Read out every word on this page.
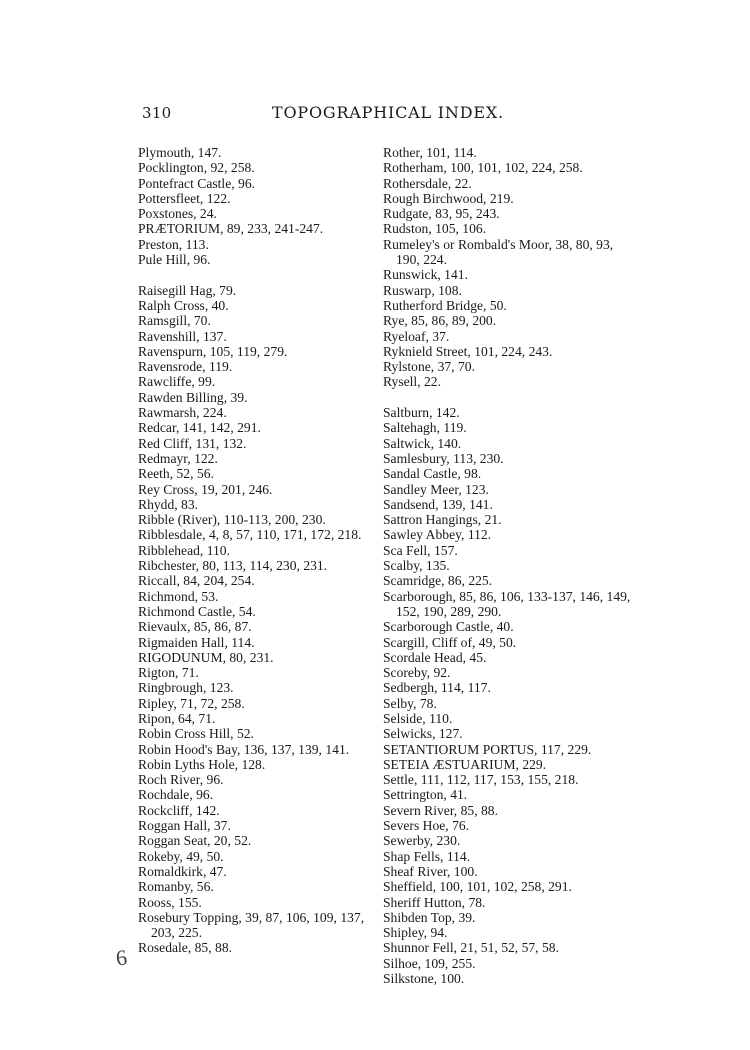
310	TOPOGRAPHICAL INDEX.
Plymouth, 147.
Pocklington, 92, 258.
Pontefract Castle, 96.
Pottersfleet, 122.
Poxstones, 24.
PRÆTORIUM, 89, 233, 241-247.
Preston, 113.
Pule Hill, 96.
Raisegill Hag, 79.
Ralph Cross, 40.
Ramsgill, 70.
Ravenshill, 137.
Ravenspurn, 105, 119, 279.
Ravensrode, 119.
Rawcliffe, 99.
Rawden Billing, 39.
Rawmarsh, 224.
Redcar, 141, 142, 291.
Red Cliff, 131, 132.
Redmayr, 122.
Reeth, 52, 56.
Rey Cross, 19, 201, 246.
Rhydd, 83.
Ribble (River), 110-113, 200, 230.
Ribblesdale, 4, 8, 57, 110, 171, 172, 218.
Ribblehead, 110.
Ribchester, 80, 113, 114, 230, 231.
Riccall, 84, 204, 254.
Richmond, 53.
Richmond Castle, 54.
Rievaulx, 85, 86, 87.
Rigmaiden Hall, 114.
RIGODUNUM, 80, 231.
Rigton, 71.
Ringbrough, 123.
Ripley, 71, 72, 258.
Ripon, 64, 71.
Robin Cross Hill, 52.
Robin Hood's Bay, 136, 137, 139, 141.
Robin Lyths Hole, 128.
Roch River, 96.
Rochdale, 96.
Rockcliff, 142.
Roggan Hall, 37.
Roggan Seat, 20, 52.
Rokeby, 49, 50.
Romaldkirk, 47.
Romanby, 56.
Rooss, 155.
Rosebury Topping, 39, 87, 106, 109, 137, 203, 225.
Rosedale, 85, 88.
Rother, 101, 114.
Rotherham, 100, 101, 102, 224, 258.
Rothersdale, 22.
Rough Birchwood, 219.
Rudgate, 83, 95, 243.
Rudston, 105, 106.
Rumeley's or Rombald's Moor, 38, 80, 93, 190, 224.
Runswick, 141.
Ruswarp, 108.
Rutherford Bridge, 50.
Rye, 85, 86, 89, 200.
Ryeloaf, 37.
Ryknield Street, 101, 224, 243.
Rylstone, 37, 70.
Rysell, 22.
Saltburn, 142.
Saltehagh, 119.
Saltwick, 140.
Samlesbury, 113, 230.
Sandal Castle, 98.
Sandley Meer, 123.
Sandsend, 139, 141.
Sattron Hangings, 21.
Sawley Abbey, 112.
Sca Fell, 157.
Scalby, 135.
Scamridge, 86, 225.
Scarborough, 85, 86, 106, 133-137, 146, 149, 152, 190, 289, 290.
Scarborough Castle, 40.
Scargill, Cliff of, 49, 50.
Scordale Head, 45.
Scoreby, 92.
Sedbergh, 114, 117.
Selby, 78.
Selside, 110.
Selwicks, 127.
SETANTIORUM PORTUS, 117, 229.
SETEIA ÆSTUARIUM, 229.
Settle, 111, 112, 117, 153, 155, 218.
Settrington, 41.
Severn River, 85, 88.
Severs Hoe, 76.
Sewerby, 230.
Shap Fells, 114.
Sheaf River, 100.
Sheffield, 100, 101, 102, 258, 291.
Sheriff Hutton, 78.
Shibden Top, 39.
Shipley, 94.
Shunnor Fell, 21, 51, 52, 57, 58.
Silhoe, 109, 255.
Silkstone, 100.
6
